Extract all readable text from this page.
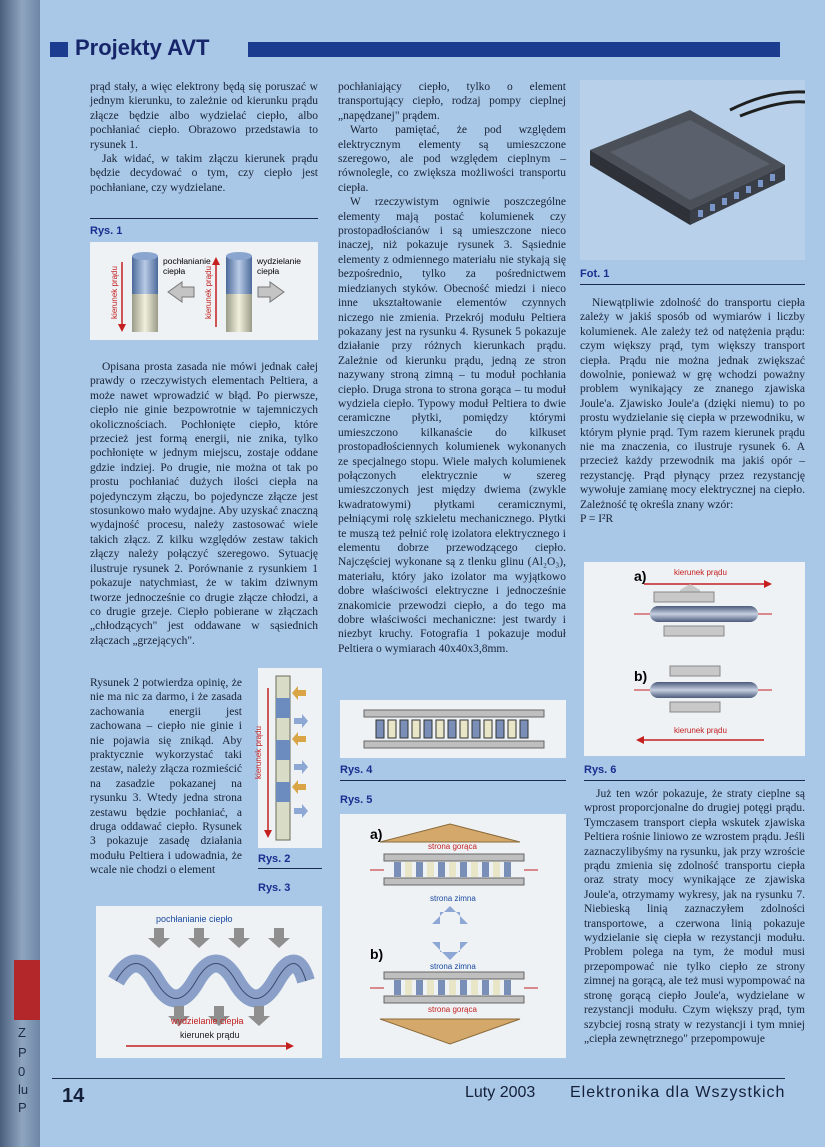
Z
P
0
lu
P
Projekty AVT

prąd stały, a więc elektrony będą się poruszać w jednym kierunku, to zależnie od kierunku prądu złącze będzie albo wydzielać ciepło, albo pochłaniać ciepło. Obrazowo przedstawia to rysunek 1.

Jak widać, w takim złączu kierunek prądu będzie decydować o tym, czy ciepło jest pochłaniane, czy wydzielane.

Rys. 1
pochłanianie ciepła
wydzielanie ciepła
kierunek prądu	kierunek prądu

Opisana prosta zasada nie mówi jednak całej prawdy o rzeczywistych elementach Peltiera, a może nawet wprowadzić w błąd. Po pierwsze, ciepło nie ginie bezpowrotnie w tajemniczych okolicznościach. Pochłonięte ciepło, które przecież jest formą energii, nie znika, tylko pochłonięte w jednym miejscu, zostaje oddane gdzie indziej. Po drugie, nie można ot tak po prostu pochłaniać dużych ilości ciepła na pojedynczym złączu, bo pojedyncze złącze jest stosunkowo mało wydajne. Aby uzyskać znaczną wydajność procesu, należy zastosować wiele takich złącz. Z kilku względów zestaw takich złączy należy połączyć szeregowo. Sytuację ilustruje rysunek 2. Porównanie z rysunkiem 1 pokazuje natychmiast, że w takim dziwnym tworze jednocześnie co drugie złącze chłodzi, a co drugie grzeje. Ciepło pobierane w złączach „chłodzących" jest oddawane w sąsiednich złączach „grzejących".

Rysunek 2 potwierdza opinię, że nie ma nic za darmo, i że zasada zachowania energii jest zachowana – ciepło nie ginie i nie pojawia się znikąd. Aby praktycznie wykorzystać taki zestaw, należy złącza rozmieścić na zasadzie pokazanej na rysunku 3. Wtedy jedna strona zestawu będzie pochłaniać, a druga oddawać ciepło. Rysunek 3 pokazuje zasadę działania modułu Peltiera i udowadnia, że wcale nie chodzi o element

kierunek prądu
Rys. 2
Rys. 3
pochłanianie ciepło
wydzielanie ciepła
kierunek prądu

pochłaniający ciepło, tylko o element transportujący ciepło, rodzaj pompy cieplnej „napędzanej" prądem.

Warto pamiętać, że pod względem elektrycznym elementy są umieszczone szeregowo, ale pod względem cieplnym – równolegle, co zwiększa możliwości transportu ciepła.

W rzeczywistym ogniwie poszczególne elementy mają postać kolumienek czy prostopadłościanów i są umieszczone nieco inaczej, niż pokazuje rysunek 3. Sąsiednie elementy z odmiennego materiału nie stykają się bezpośrednio, tylko za pośrednictwem miedzianych styków. Obecność miedzi i nieco inne ukształtowanie elementów czynnych niczego nie zmienia. Przekrój modułu Peltiera pokazany jest na rysunku 4. Rysunek 5 pokazuje działanie przy różnych kierunkach prądu. Zależnie od kierunku prądu, jedną ze stron nazywany stroną zimną – tu moduł pochłania ciepło. Druga strona to strona gorąca – tu moduł wydziela ciepło. Typowy moduł Peltiera to dwie ceramiczne płytki, pomiędzy którymi umieszczono kilkanaście do kilkuset prostopadłościennych kolumienek wykonanych ze specjalnego stopu. Wiele małych kolumienek połączonych elektrycznie w szereg umieszczonych jest między dwiema (zwykle kwadratowymi) płytkami ceramicznymi, pełniącymi rolę szkieletu mechanicznego. Płytki te muszą też pełnić rolę izolatora elektrycznego i elementu dobrze przewodzącego ciepło. Najczęściej wykonane są z tlenku glinu (Al₂O₃), materiału, który jako izolator ma wyjątkowo dobre właściwości elektryczne i jednocześnie znakomicie przewodzi ciepło, a do tego ma dobre właściwości mechaniczne: jest twardy i niezbyt kruchy. Fotografia 1 pokazuje moduł Peltiera o wymiarach 40x40x3,8mm.

Rys. 4
Rys. 5
a)
strona gorąca
strona zimna
b)
strona zimna
strona gorąca
Fot. 1

Niewątpliwie zdolność do transportu ciepła zależy w jakiś sposób od wymiarów i liczby kolumienek. Ale zależy też od natężenia prądu: czym większy prąd, tym większy transport ciepła. Prądu nie można jednak zwiększać dowolnie, ponieważ w grę wchodzi poważny problem wynikający ze znanego zjawiska Joule'a. Zjawisko Joule'a (dzięki niemu) to po prostu wydzielanie się ciepła w przewodniku, w którym płynie prąd. Tym razem kierunek prądu nie ma znaczenia, co ilustruje rysunek 6. A przecież każdy przewodnik ma jakiś opór – rezystancję. Prąd płynący przez rezystancję wywołuje zamianę mocy elektrycznej na ciepło. Zależność tę określa znany wzór:

P = I²R

a)	kierunek prądu
b)
kierunek prądu
Rys. 6

Już ten wzór pokazuje, że straty cieplne są wprost proporcjonalne do drugiej potęgi prądu. Tymczasem transport ciepła wskutek zjawiska Peltiera rośnie liniowo ze wzrostem prądu. Jeśli zaznaczylibyśmy na rysunku, jak przy wzroście prądu zmienia się zdolność transportu ciepła oraz straty mocy wynikające ze zjawiska Joule'a, otrzymamy wykresy, jak na rysunku 7. Niebieską linią zaznaczyłem zdolności transportowe, a czerwona linią pokazuje wydzielanie się ciepła w rezystancji modułu. Problem polega na tym, że moduł musi przepompować nie tylko ciepło ze strony zimnej na gorącą, ale też musi wypompować na stronę gorącą ciepło Joule'a, wydzielane w rezystancji modułu. Czym większy prąd, tym szybciej rosną straty w rezystancji i tym mniej „ciepła zewnętrznego" przepompowuje

14	Luty 2003 Elektronika dla Wszystkich
